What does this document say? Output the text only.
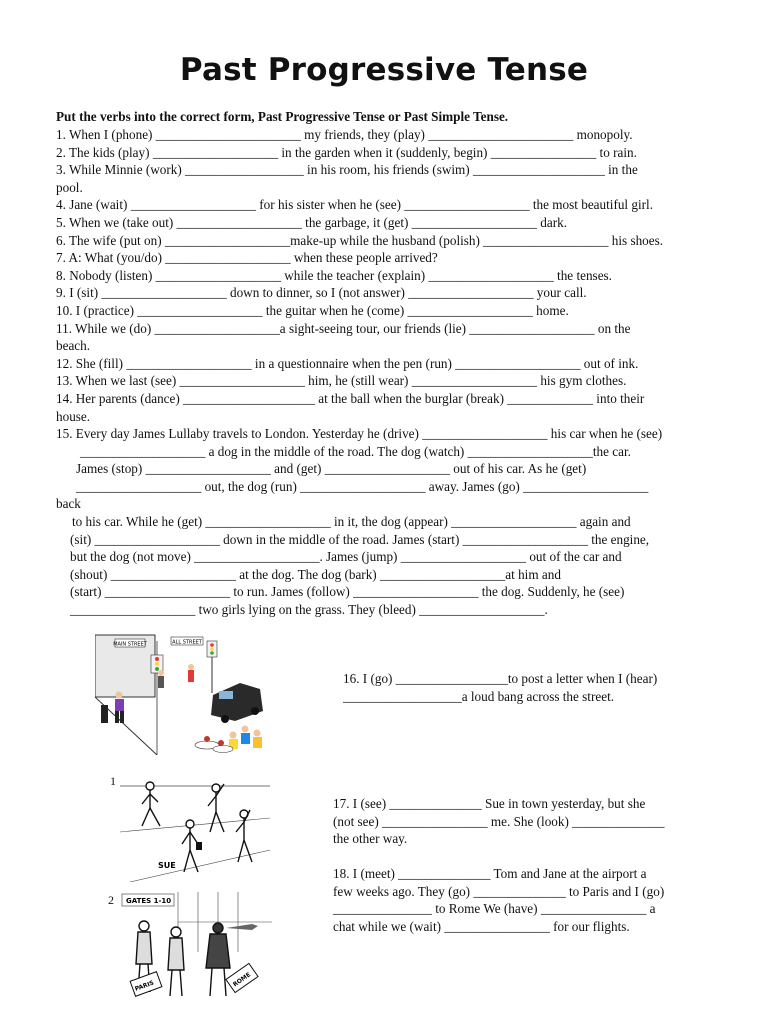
Past Progressive Tense
Put the verbs into the correct form, Past Progressive Tense or Past Simple Tense.
1. When I (phone) ______________________ my friends, they (play) ______________________ monopoly.
2. The kids (play) ___________________ in the garden when it (suddenly, begin) ________________ to rain.
3. While Minnie (work) __________________ in his room, his friends (swim) ____________________ in the
pool.
4. Jane (wait) ___________________ for his sister when he (see) ___________________ the most beautiful girl.
5. When we (take out) ___________________ the garbage, it (get) ___________________ dark.
6. The wife (put on) ___________________make-up while the husband (polish) ___________________ his shoes.
7. A: What (you/do) ___________________ when these people arrived?
8. Nobody (listen) ___________________ while the teacher (explain) ___________________ the tenses.
9. I (sit) ___________________ down to dinner, so I (not answer) ___________________ your call.
10. I (practice) ___________________ the guitar when he (come) ___________________ home.
11. While we (do) ___________________a sight-seeing tour, our friends (lie) ___________________ on the
beach.
12. She (fill) ___________________ in a questionnaire when the pen (run) ___________________ out of ink.
13. When we last (see) ___________________ him, he (still wear) ___________________ his gym clothes.
14. Her parents (dance) ____________________ at the ball when the burglar (break) _____________ into their
house.
15. Every day James Lullaby travels to London. Yesterday he (drive) ___________________ his car when he (see)
___________________ a dog in the middle of the road. The dog (watch) ___________________the car.
James (stop) ___________________ and (get) ___________________ out of his car. As he (get)
___________________ out, the dog (run) ___________________ away. James (go) ___________________
back
to his car. While he (get) ___________________ in it, the dog (appear) ___________________ again and
(sit) ___________________ down in the middle of the road. James (start) ___________________ the engine,
but the dog (not move) ___________________. James (jump) ___________________ out of the car and
(shout) ___________________ at the dog. The dog (bark) ___________________at him and
(start) ___________________ to run. James (follow) ___________________ the dog. Suddenly, he (see)
___________________ two girls lying on the grass. They (bleed) ___________________.
MAIN STREET	ALL STREET
16. I (go) _________________to post a letter when I (hear)
__________________a loud bang across the street.
1
SUE
17. I (see) ______________ Sue in town yesterday, but she
(not see) ________________ me. She (look) ______________
the other way.
2 GATES 1-10
PARIS	ROME
18. I (meet) ______________ Tom and Jane at the airport a
few weeks ago. They (go) ______________ to Paris and I (go)
_______________ to Rome We (have) ________________ a
chat while we (wait) ________________ for our flights.
